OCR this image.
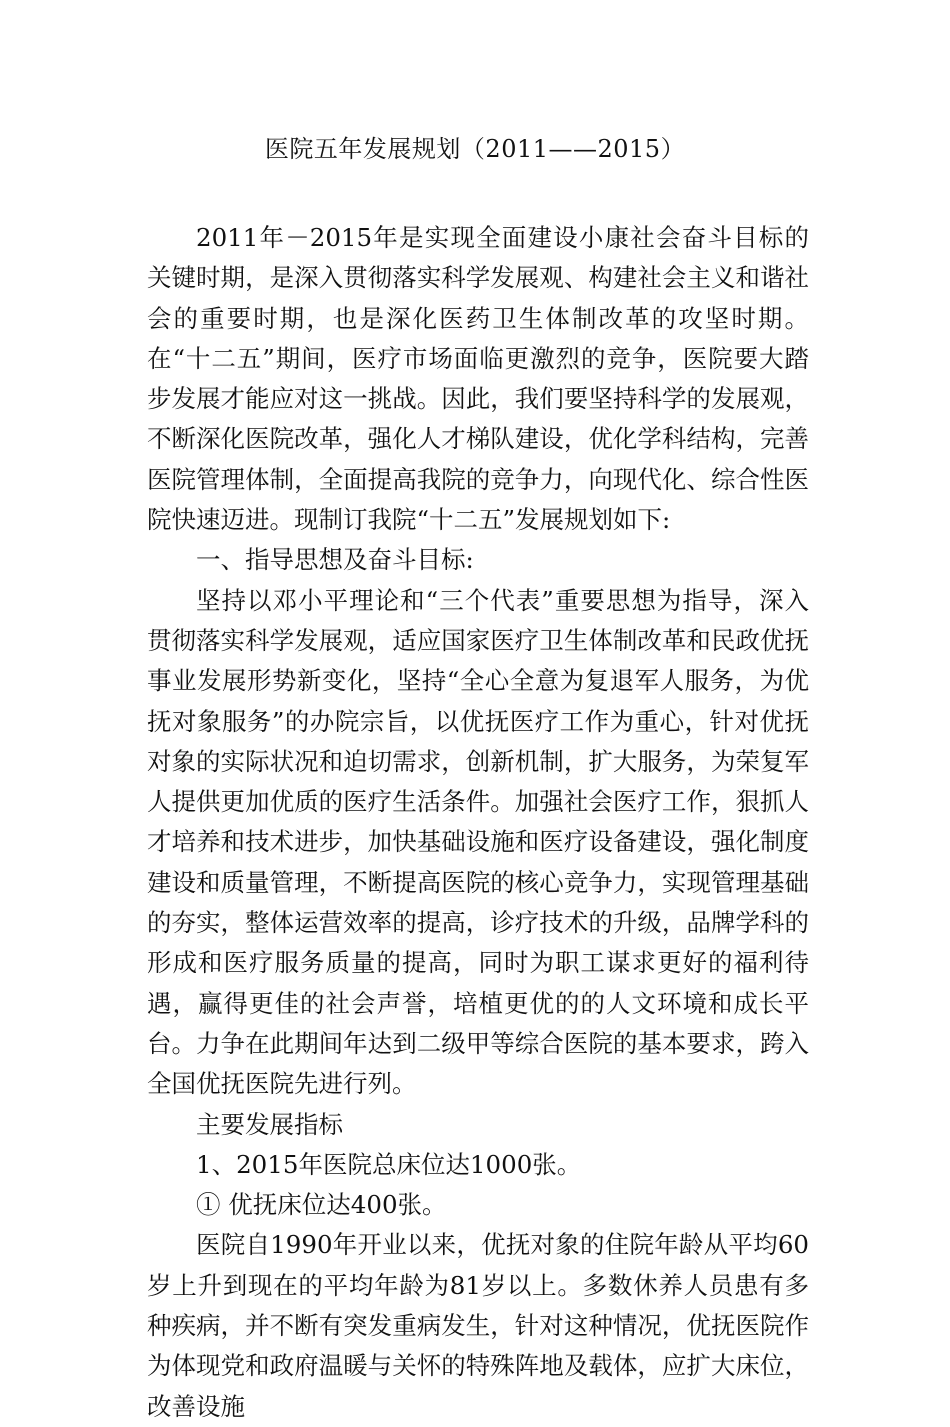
医院五年发展规划（2011——2015）

2011年－2015年是实现全面建设小康社会奋斗目标的关键时期，是深入贯彻落实科学发展观、构建社会主义和谐社会的重要时期，也是深化医药卫生体制改革的攻坚时期。在“十二五”期间，医疗市场面临更激烈的竞争，医院要大踏步发展才能应对这一挑战。因此，我们要坚持科学的发展观，不断深化医院改革，强化人才梯队建设，优化学科结构，完善医院管理体制，全面提高我院的竞争力，向现代化、综合性医院快速迈进。现制订我院“十二五”发展规划如下:

一、指导思想及奋斗目标:

坚持以邓小平理论和“三个代表”重要思想为指导，深入贯彻落实科学发展观，适应国家医疗卫生体制改革和民政优抚事业发展形势新变化，坚持“全心全意为复退军人服务，为优抚对象服务”的办院宗旨，以优抚医疗工作为重心，针对优抚对象的实际状况和迫切需求，创新机制，扩大服务，为荣复军人提供更加优质的医疗生活条件。加强社会医疗工作，狠抓人才培养和技术进步，加快基础设施和医疗设备建设，强化制度建设和质量管理，不断提高医院的核心竞争力，实现管理基础的夯实，整体运营效率的提高，诊疗技术的升级，品牌学科的形成和医疗服务质量的提高，同时为职工谋求更好的福利待遇，赢得更佳的社会声誉，培植更优的的人文环境和成长平台。力争在此期间年达到二级甲等综合医院的基本要求，跨入全国优抚医院先进行列。

主要发展指标

1、2015年医院总床位达1000张。

① 优抚床位达400张。

医院自1990年开业以来，优抚对象的住院年龄从平均60岁上升到现在的平均年龄为81岁以上。多数休养人员患有多种疾病，并不断有突发重病发生，针对这种情况，优抚医院作为体现党和政府温暖与关怀的特殊阵地及载体，应扩大床位，改善设施
